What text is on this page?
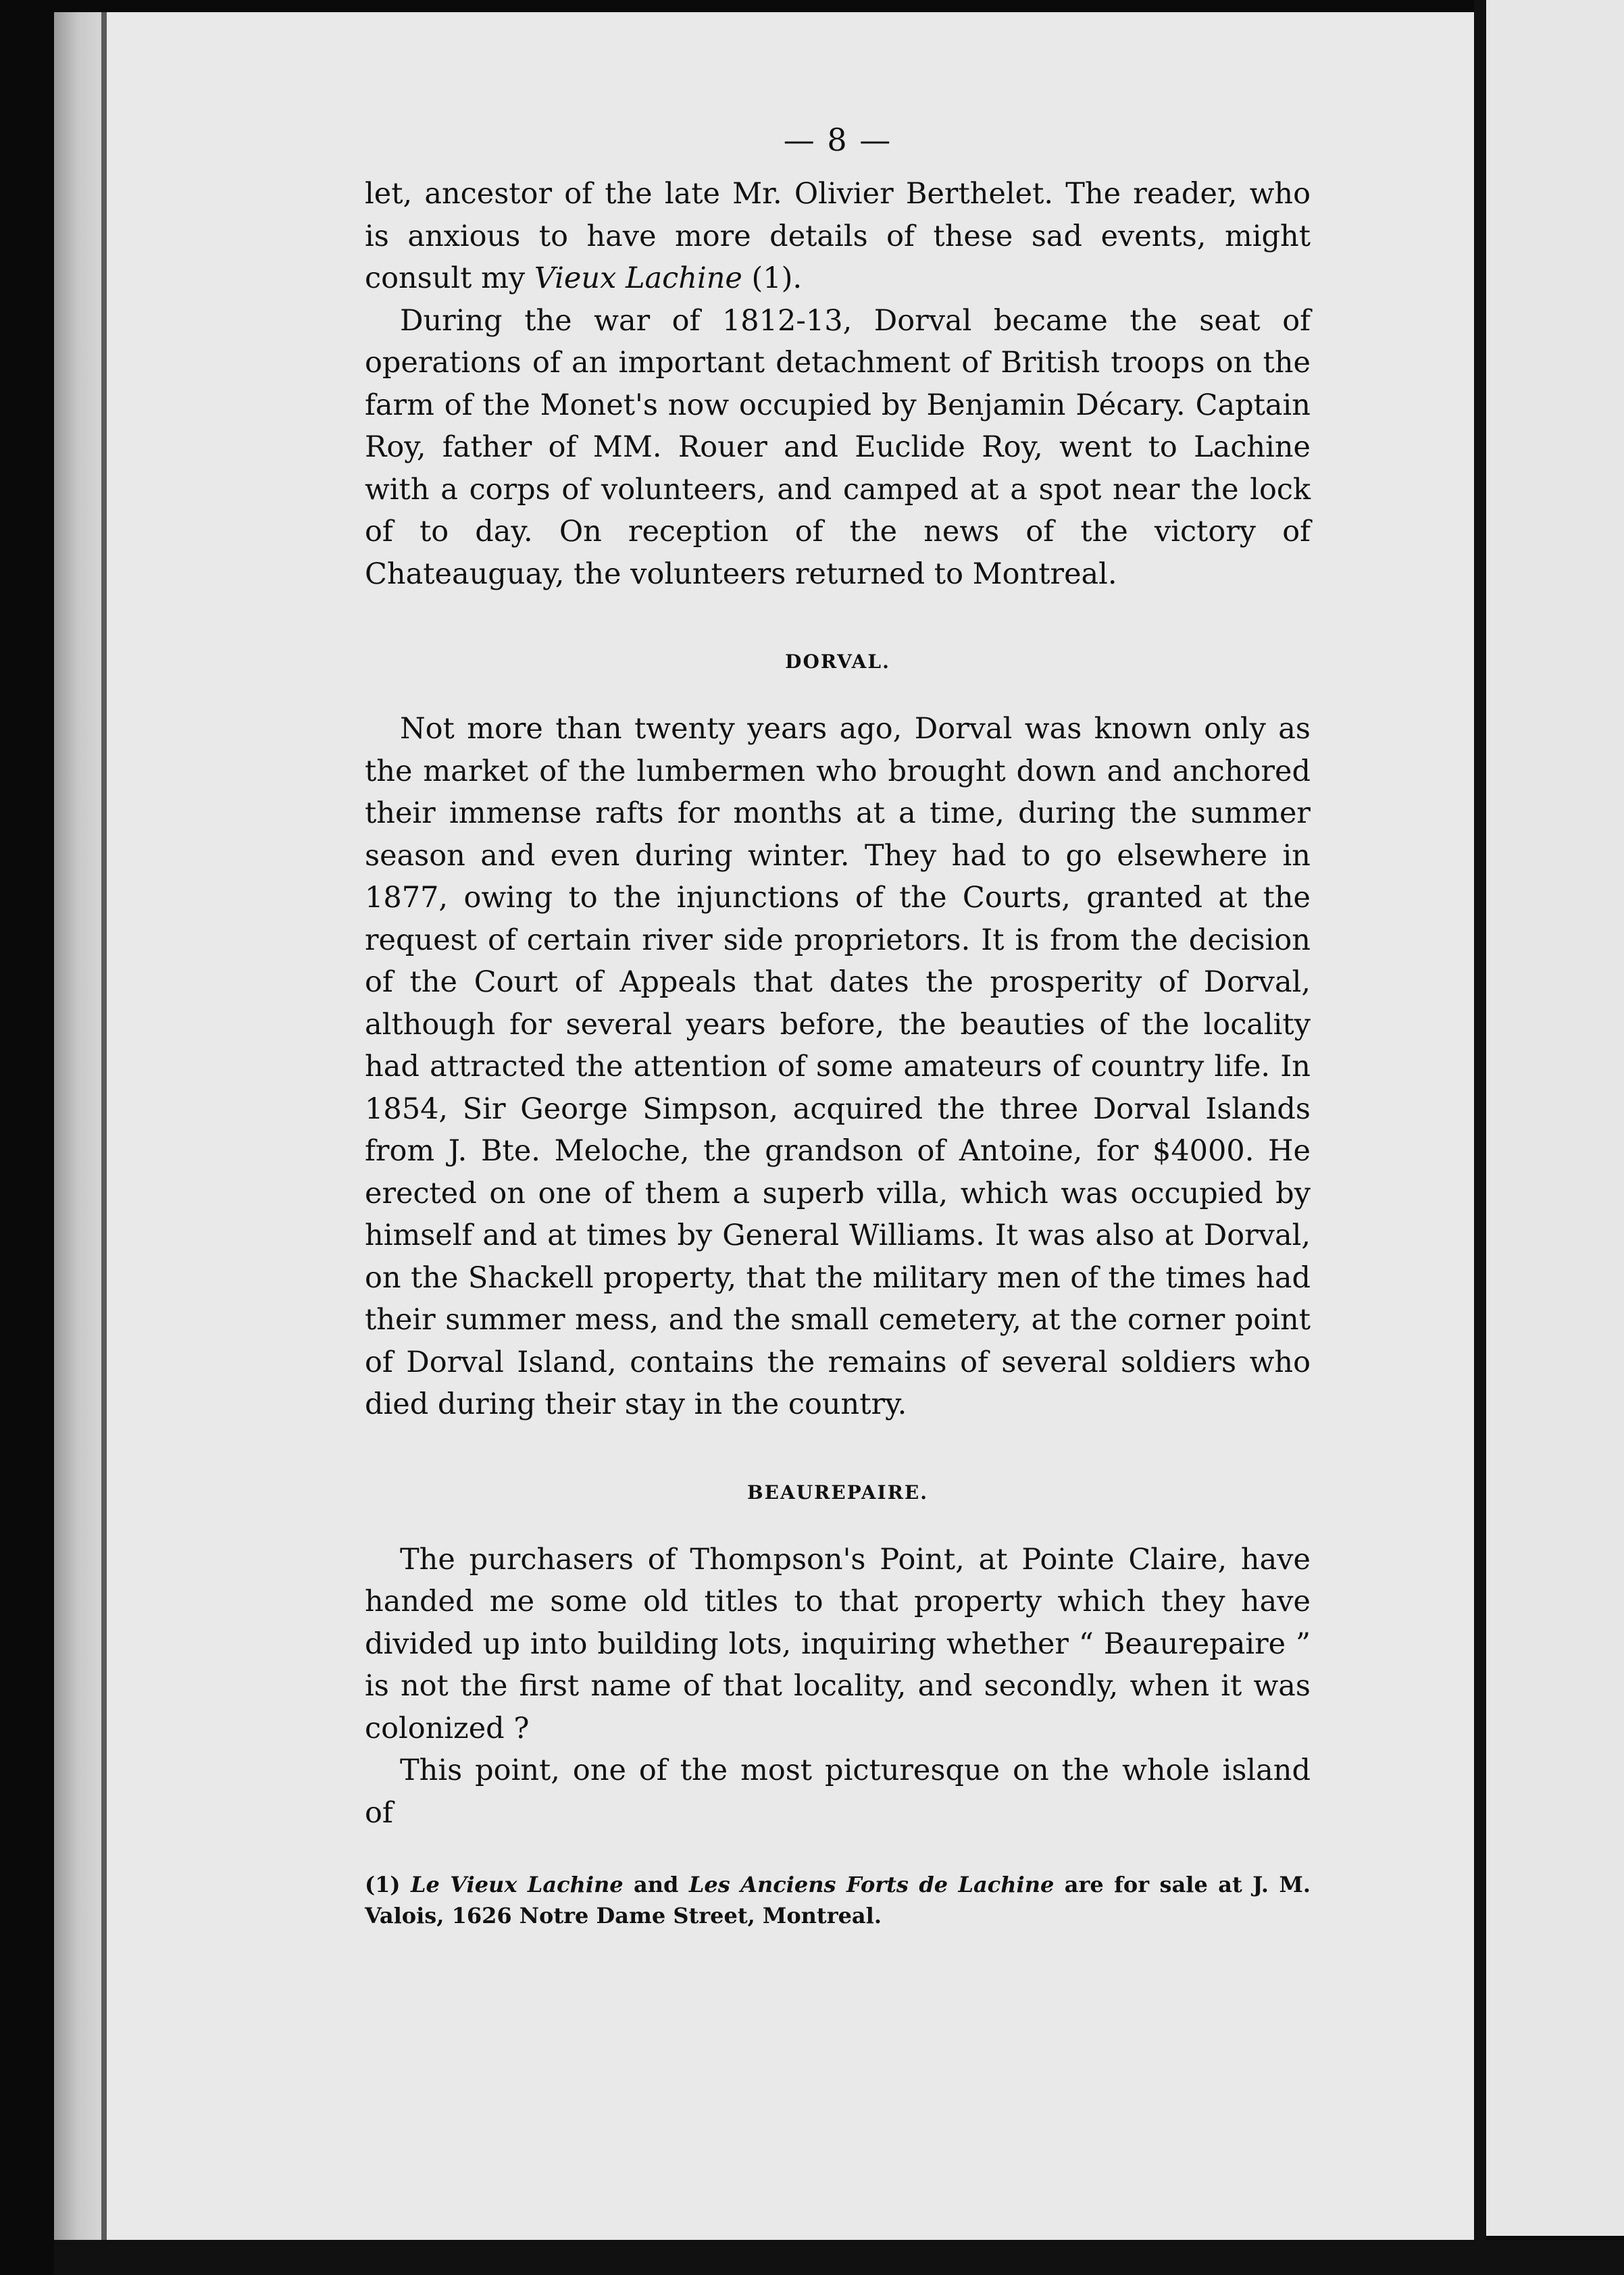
— 8 —

let, ancestor of the late Mr. Olivier Berthelet. The reader, who is anxious to have more details of these sad events, might consult my Vieux Lachine (1).

During the war of 1812-13, Dorval became the seat of operations of an important detachment of British troops on the farm of the Monet's now occupied by Benjamin Décary. Captain Roy, father of MM. Rouer and Euclide Roy, went to Lachine with a corps of volunteers, and camped at a spot near the lock of to day. On reception of the news of the victory of Chateauguay, the volunteers returned to Montreal.

DORVAL.

Not more than twenty years ago, Dorval was known only as the market of the lumbermen who brought down and anchored their immense rafts for months at a time, during the summer season and even during winter. They had to go elsewhere in 1877, owing to the injunctions of the Courts, granted at the request of certain river side proprietors. It is from the decision of the Court of Appeals that dates the prosperity of Dorval, although for several years before, the beauties of the locality had attracted the attention of some amateurs of country life. In 1854, Sir George Simpson, acquired the three Dorval Islands from J. Bte. Meloche, the grandson of Antoine, for $4000. He erected on one of them a superb villa, which was occupied by himself and at times by General Williams. It was also at Dorval, on the Shackell property, that the military men of the times had their summer mess, and the small cemetery, at the corner point of Dorval Island, contains the remains of several soldiers who died during their stay in the country.

BEAUREPAIRE.

The purchasers of Thompson's Point, at Pointe Claire, have handed me some old titles to that property which they have divided up into building lots, inquiring whether “ Beaurepaire ” is not the first name of that locality, and secondly, when it was colonized ?

This point, one of the most picturesque on the whole island of

(1) Le Vieux Lachine and Les Anciens Forts de Lachine are for sale at J. M. Valois, 1626 Notre Dame Street, Montreal.
